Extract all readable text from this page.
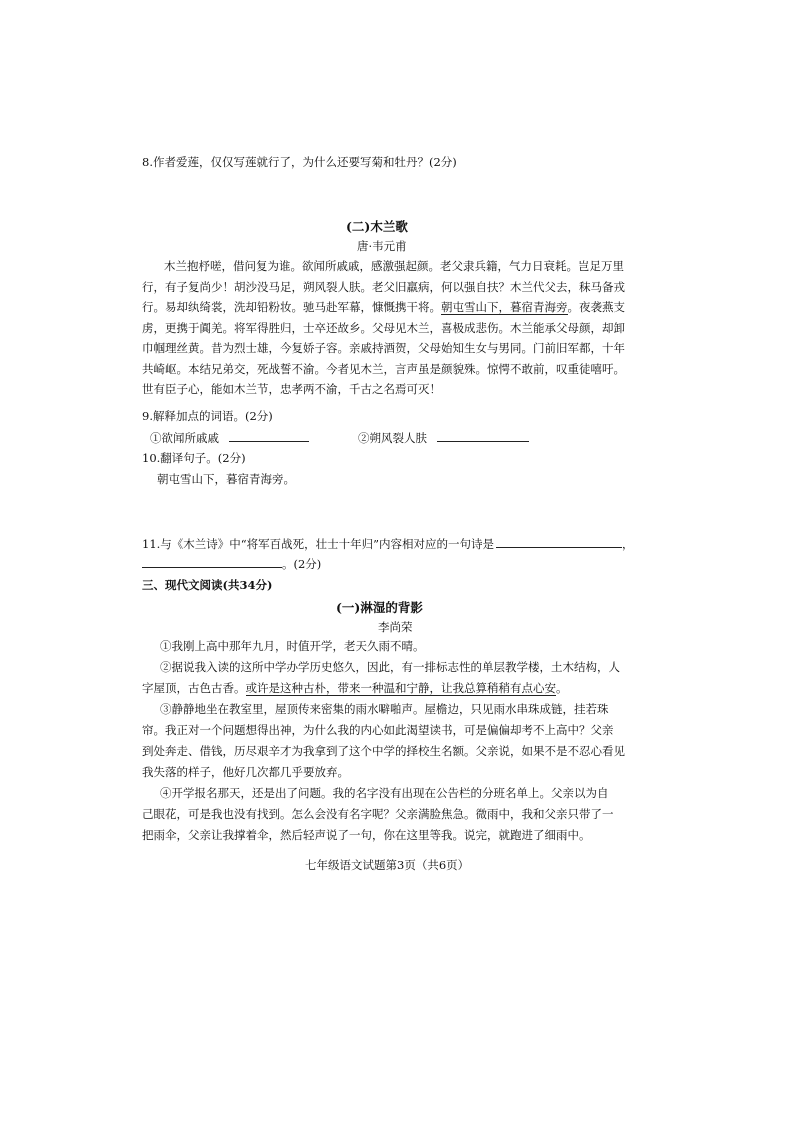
8.作者爱莲，仅仅写莲就行了，为什么还要写菊和牡丹？(2分)
(二)木兰歌
唐·韦元甫
木兰抱杼嗟，借问复为谁。欲闻所戚戚，感激强起颜。老父隶兵籍，气力日衰耗。岂足万里
行，有子复尚少！胡沙没马足，朔风裂人肤。老父旧羸病，何以强自扶？木兰代父去，秣马备戎
行。易却纨绮裳，洗却铅粉妆。驰马赴军幕，慷慨携干将。朝屯雪山下，暮宿青海旁。夜袭燕支
虏，更携于阗羌。将军得胜归，士卒还故乡。父母见木兰，喜极成悲伤。木兰能承父母颜，却卸
巾帼理丝黄。昔为烈士雄，今复娇子容。亲戚持酒贺，父母始知生女与男同。门前旧军都，十年
共崎岖。本结兄弟交，死战誓不渝。今者见木兰，言声虽是颜貌殊。惊愕不敢前，叹重徒嘻吁。
世有臣子心，能如木兰节，忠孝两不渝，千古之名焉可灭！
9.解释加点的词语。(2分)
①欲闻所戚戚	②朔风裂人肤
10.翻译句子。(2分)
朝屯雪山下，暮宿青海旁。
11.与《木兰诗》中“将军百战死，壮士十年归”内容相对应的一句诗是	，
。(2分)
三、现代文阅读(共34分)
(一)淋湿的背影
李尚荣
①我刚上高中那年九月，时值开学，老天久雨不晴。
②据说我入读的这所中学办学历史悠久，因此，有一排标志性的单层教学楼，土木结构，人
字屋顶，古色古香。或许是这种古朴，带来一种温和宁静，让我总算稍稍有点心安。
③静静地坐在教室里，屋顶传来密集的雨水噼啪声。屋檐边，只见雨水串珠成链，挂若珠
帘。我正对一个问题想得出神，为什么我的内心如此渴望读书，可是偏偏却考不上高中？父亲
到处奔走、借钱，历尽艰辛才为我拿到了这个中学的择校生名额。父亲说，如果不是不忍心看见
我失落的样子，他好几次都几乎要放弃。
④开学报名那天，还是出了问题。我的名字没有出现在公告栏的分班名单上。父亲以为自
己眼花，可是我也没有找到。怎么会没有名字呢？父亲满脸焦急。微雨中，我和父亲只带了一
把雨伞，父亲让我撑着伞，然后轻声说了一句，你在这里等我。说完，就跑进了细雨中。
七年级语文试题第3页（共6页）
